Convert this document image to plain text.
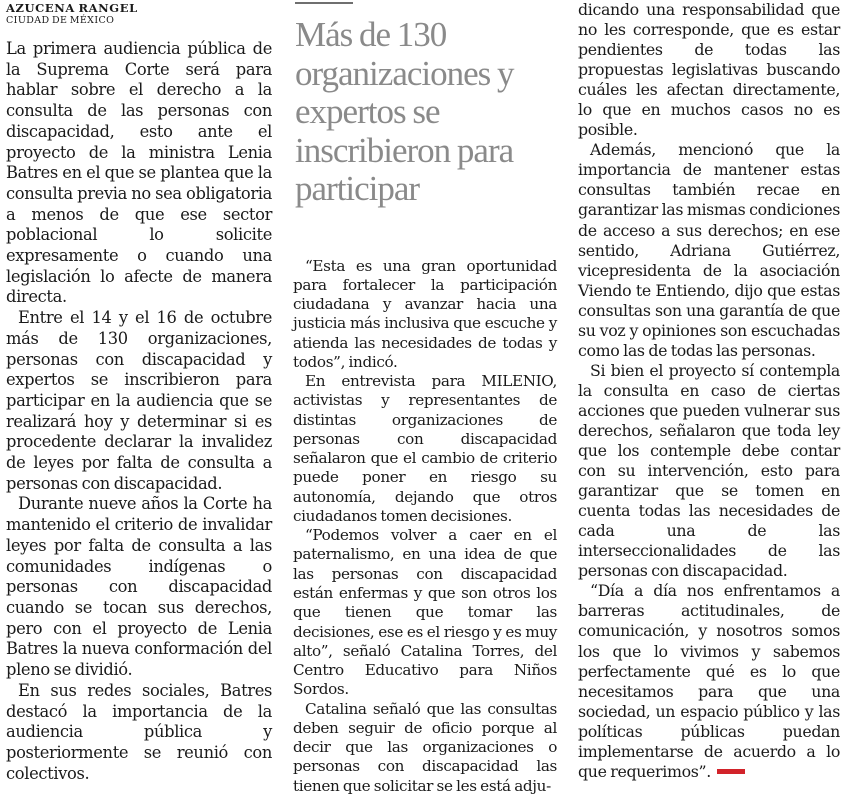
AZUCENA RANGEL
CIUDAD DE MÉXICO

La primera audiencia pública de la Suprema Corte será para hablar sobre el derecho a la consulta de las personas con discapacidad, esto ante el proyecto de la ministra Lenia Batres en el que se plantea que la consulta previa no sea obligatoria a menos de que ese sector poblacional lo solicite expresamente o cuando una legislación lo afecte de manera directa.

Entre el 14 y el 16 de octubre más de 130 organizaciones, personas con discapacidad y expertos se inscribieron para participar en la audiencia que se realizará hoy y determinar si es procedente declarar la invalidez de leyes por falta de consulta a personas con discapacidad.

Durante nueve años la Corte ha mantenido el criterio de invalidar leyes por falta de consulta a las comunidades indígenas o personas con discapacidad cuando se tocan sus derechos, pero con el proyecto de Lenia Batres la nueva conformación del pleno se dividió.

En sus redes sociales, Batres destacó la importancia de la audiencia pública y posteriormente se reunió con colectivos.

Más de 130 organizaciones y expertos se inscribieron para participar

“Esta es una gran oportunidad para fortalecer la participación ciudadana y avanzar hacia una justicia más inclusiva que escuche y atienda las necesidades de todas y todos”, indicó.

En entrevista para MILENIO, activistas y representantes de distintas organizaciones de personas con discapacidad señalaron que el cambio de criterio puede poner en riesgo su autonomía, dejando que otros ciudadanos tomen decisiones.

“Podemos volver a caer en el paternalismo, en una idea de que las personas con discapacidad están enfermas y que son otros los que tienen que tomar las decisiones, ese es el riesgo y es muy alto”, señaló Catalina Torres, del Centro Educativo para Niños Sordos.

Catalina señaló que las consultas deben seguir de oficio porque al decir que las organizaciones o personas con discapacidad las tienen que solicitar se les está adju-

dicando una responsabilidad que no les corresponde, que es estar pendientes de todas las propuestas legislativas buscando cuáles les afectan directamente, lo que en muchos casos no es posible.

Además, mencionó que la importancia de mantener estas consultas también recae en garantizar las mismas condiciones de acceso a sus derechos; en ese sentido, Adriana Gutiérrez, vicepresidenta de la asociación Viendo te Entiendo, dijo que estas consultas son una garantía de que su voz y opiniones son escuchadas como las de todas las personas.

Si bien el proyecto sí contempla la consulta en caso de ciertas acciones que pueden vulnerar sus derechos, señalaron que toda ley que los contemple debe contar con su intervención, esto para garantizar que se tomen en cuenta todas las necesidades de cada una de las interseccionalidades de las personas con discapacidad.

“Día a día nos enfrentamos a barreras actitudinales, de comunicación, y nosotros somos los que lo vivimos y sabemos perfectamente qué es lo que necesitamos para que una sociedad, un espacio público y las políticas públicas puedan implementarse de acuerdo a lo que requerimos”.
